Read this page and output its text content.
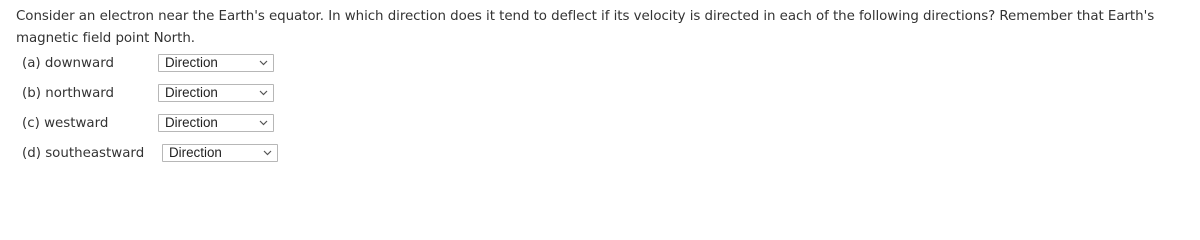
Consider an electron near the Earth's equator. In which direction does it tend to deflect if its velocity is directed in each of the following directions? Remember that Earth's magnetic field point North.
(a) downward	Direction
(b) northward	Direction
(c) westward	Direction
(d) southeastward Direction
